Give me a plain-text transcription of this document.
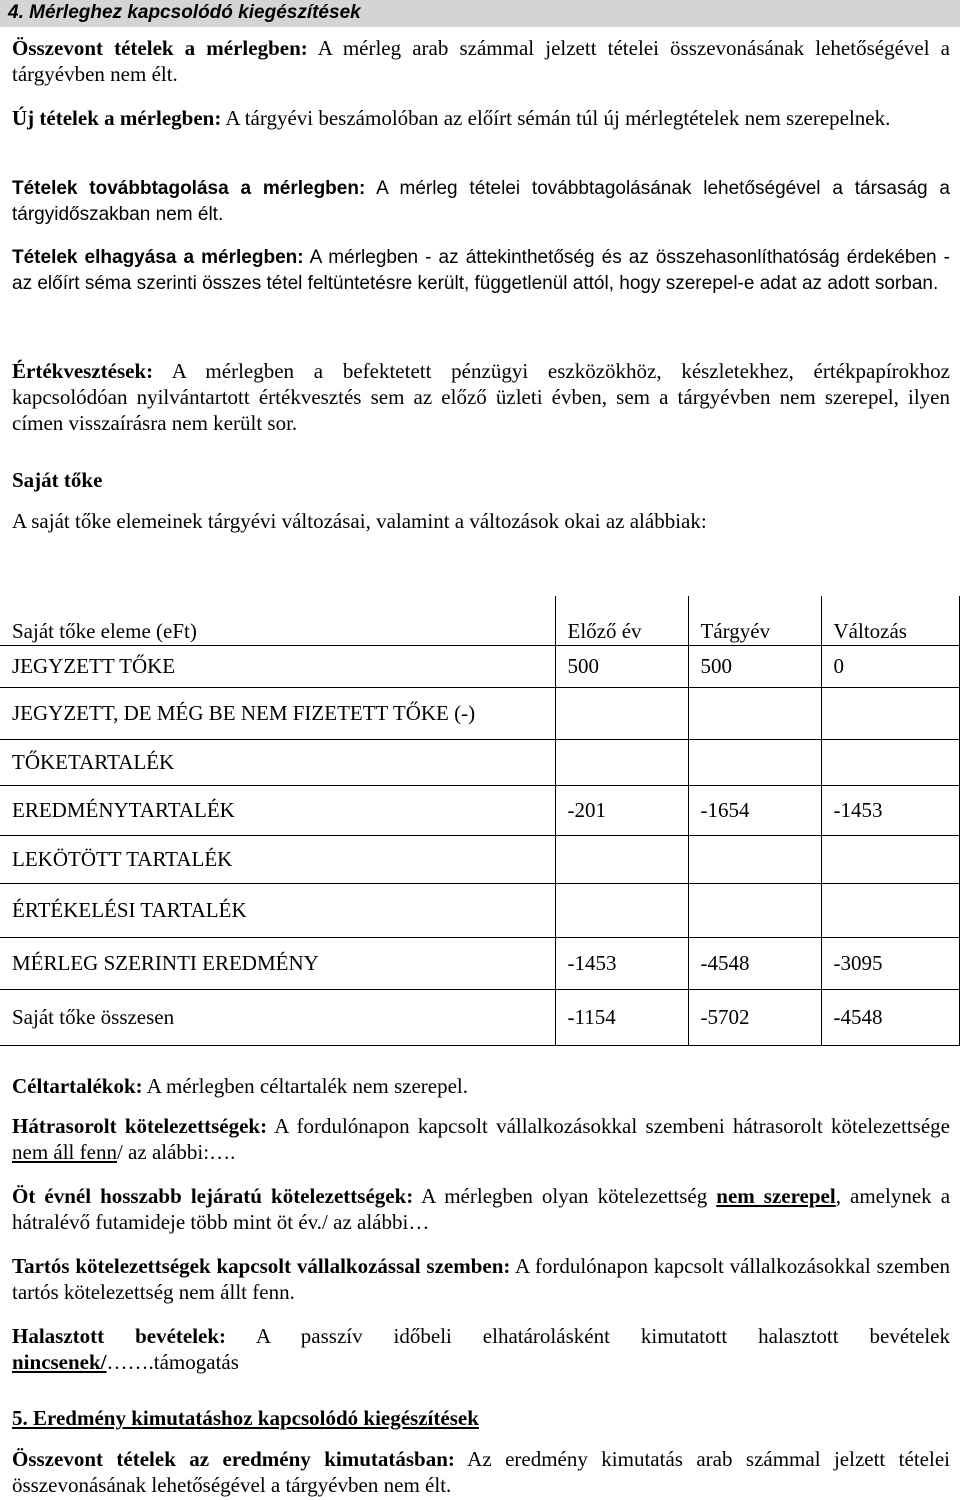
4. Mérleghez kapcsolódó kiegészítések

Összevont tételek a mérlegben: A mérleg arab számmal jelzett tételei összevonásának lehetőségével a tárgyévben nem élt.

Új tételek a mérlegben: A tárgyévi beszámolóban az előírt sémán túl új mérlegtételek nem szerepelnek.

Tételek továbbtagolása a mérlegben: A mérleg tételei továbbtagolásának lehetőségével a társaság a tárgyidőszakban nem élt.

Tételek elhagyása a mérlegben: A mérlegben - az áttekinthetőség és az összehasonlíthatóság érdekében - az előírt séma szerinti összes tétel feltüntetésre került, függetlenül attól, hogy szerepel-e adat az adott sorban.

Értékvesztések: A mérlegben a befektetett pénzügyi eszközökhöz, készletekhez, értékpapírokhoz kapcsolódóan nyilvántartott értékvesztés sem az előző üzleti évben, sem a tárgyévben nem szerepel, ilyen címen visszaírásra nem került sor.

Saját tőke

A saját tőke elemeinek tárgyévi változásai, valamint a változások okai az alábbiak:

Saját tőke eleme (eFt)	Előző év	Tárgyév	Változás
JEGYZETT TŐKE	500	500	0
JEGYZETT, DE MÉG BE NEM FIZETETT TŐKE (-)			
TŐKETARTALÉK			
EREDMÉNYTARTALÉK	-201	-1654	-1453
LEKÖTÖTT TARTALÉK			
ÉRTÉKELÉSI TARTALÉK			
MÉRLEG SZERINTI EREDMÉNY	-1453	-4548	-3095
Saját tőke összesen	-1154	-5702	-4548

Céltartalékok: A mérlegben céltartalék nem szerepel.

Hátrasorolt kötelezettségek: A fordulónapon kapcsolt vállalkozásokkal szembeni hátrasorolt kötelezettsége nem áll fenn/ az alábbi:….

Öt évnél hosszabb lejáratú kötelezettségek: A mérlegben olyan kötelezettség nem szerepel, amelynek a hátralévő futamideje több mint öt év./ az alábbi…

Tartós kötelezettségek kapcsolt vállalkozással szemben: A fordulónapon kapcsolt vállalkozásokkal szemben tartós kötelezettség nem állt fenn.

Halasztott bevételek: A passzív időbeli elhatárolásként kimutatott halasztott bevételek nincsenek/…….támogatás

5. Eredmény kimutatáshoz kapcsolódó kiegészítések

Összevont tételek az eredmény kimutatásban: Az eredmény kimutatás arab számmal jelzett tételei összevonásának lehetőségével a tárgyévben nem élt.
